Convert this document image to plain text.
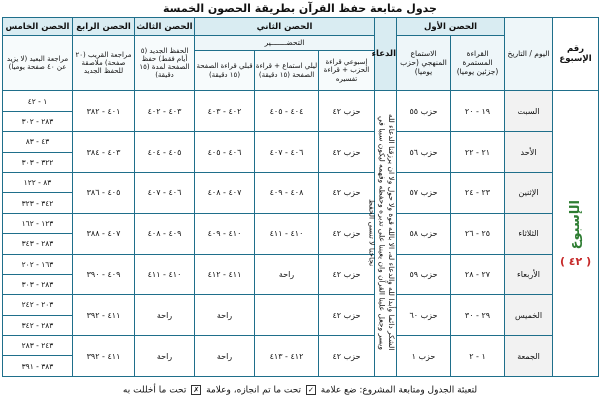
جدول متابعة حفظ القرآن بطريقة الحصون الخمسة
رقم الإسبوع	اليوم / التاريخ	الحصن الأول		الدعاء	الحصن الثاني			الحصن الثالث	الحصن الرابع	الحصن الخامس
		القراءة المستمرة (جزئين يوميا)	الاستماع المنهجي (حزب يوميا)		التحضـــــــير			الحفظ الجديد (٥ أيام فقط) حفظ الصفحة لمدة (١٥ دقيقة)	مراجعة القريب (٢٠ صفحة) ملاصقة للحفظ الجديد	مراجعة البعيد (لا يزيد عن ٤٠ صفحة يوميا)
					إسبوعي قراءة الحزب + قراءة تفسيره	ليلي استماع + قراءة الصفحة (١٥ دقيقة)	قبلي قراءة الصفحة (١٥ دقيقة)			
الإسبوع
( ٤٢ )	السبت	١٩ - ٢٠	حزب ٥٥	الشكر دائما وأبدا لله والدعاء له، الا بالله قوة ولا حول ولا ان يرزقنا الدعاء لله ويسر وجعل علينا القرآن وان يعيننا على تدبره وحفظه وفهمه ليكون سببا في نجاحنا لا تنسى الحفظ	حزب ٤٢	٤٠٤ - ٤٠٥	٤٠٢ - ٤٠٣	٤٠٣ - ٤٠٢	٤٠١ - ٣٨٢	١ - ٤٢
										٢٨٣ - ٣٠٢
	الأحد	٢١ - ٢٢	حزب ٥٦		حزب ٤٢	٤٠٦ - ٤٠٧	٤٠٦ - ٤٠٥	٤٠٥ - ٤٠٤	٤٠٣ - ٣٨٤	٤٣ - ٨٣
										٣٢٢ - ٣٠٣
	الإثنين	٢٣ - ٢٤	حزب ٥٧		حزب ٤٢	٤٠٨ - ٤٠٩	٤٠٧ - ٤٠٨	٤٠٦ - ٤٠٧	٤٠٥ - ٣٨٦	٨٣ - ١٢٢
										٣٤٢ - ٣٢٣
	الثلاثاء	٢٥ - ٢٦	حزب ٥٨		حزب ٤٢	٤١٠ - ٤١١	٤١٠ - ٤٠٩	٤٠٩ - ٤٠٨	٤٠٧ - ٣٨٨	١٢٣ - ١٦٢
										٢٨٣ - ٣٤٣
	الأربعاء	٢٧ - ٢٨	حزب ٥٩		حزب ٤٢	راحة	٤١١ - ٤١٢	٤١٠ - ٤١١	٤٠٩ - ٣٩٠	١٦٣ - ٢٠٢
										٢٨٣ - ٣٠٣
	الخميس	٢٩ - ٣٠	حزب ٦٠		حزب ٤٢		راحة	راحة	٤١١ - ٣٩٢	٢٠٣ - ٢٤٢
										٢٨٣ - ٣٤٢
	الجمعة	١ - ٢	حزب ١		حزب ٤٢	٤١٢ - ٤١٣	راحة	راحة	٤١١ - ٣٩٢	٢٤٣ - ٢٨٣
										٣٨٣ - ٣٩١
لتعبئة الجدول ومتابعة المشروع: ضع علامة ✓ تحت ما تم انجازه، وعلامة ✗ تحت ما أخللت به
